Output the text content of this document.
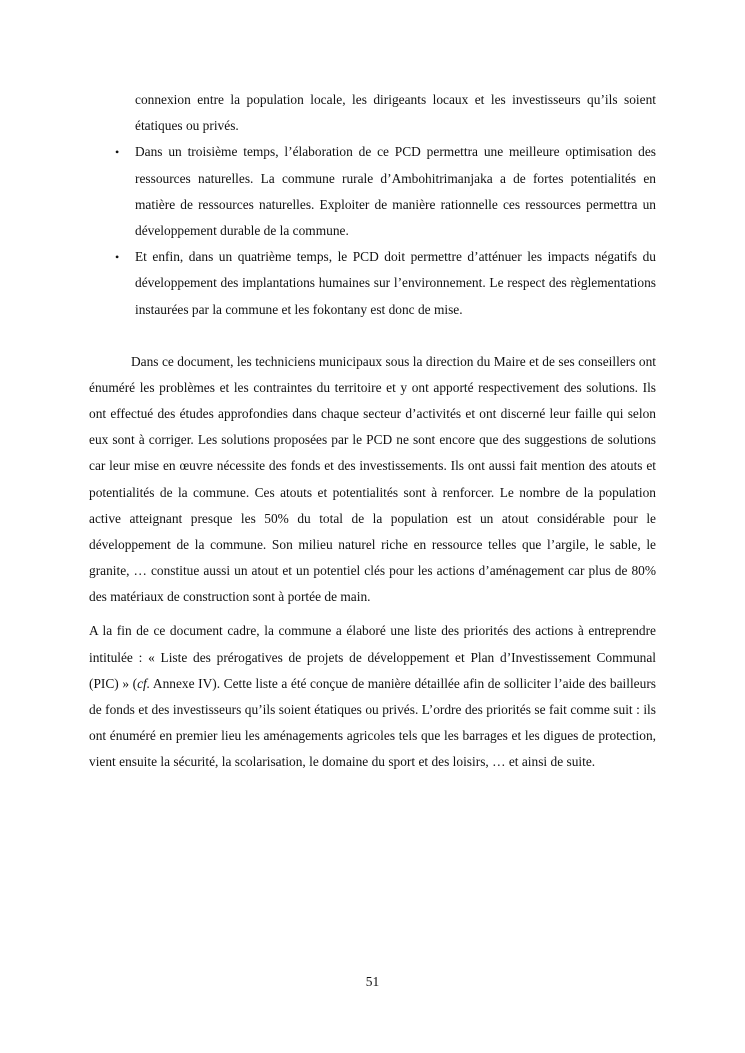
connexion entre la population locale, les dirigeants locaux et les investisseurs qu’ils soient étatiques ou privés.

• Dans un troisième temps, l’élaboration de ce PCD permettra une meilleure optimisation des ressources naturelles. La commune rurale d’Ambohitrimanjaka a de fortes potentialités en matière de ressources naturelles. Exploiter de manière rationnelle ces ressources permettra un développement durable de la commune.
• Et enfin, dans un quatrième temps, le PCD doit permettre d’atténuer les impacts négatifs du développement des implantations humaines sur l’environnement. Le respect des règlementations instaurées par la commune et les fokontany est donc de mise.

Dans ce document, les techniciens municipaux sous la direction du Maire et de ses conseillers ont énuméré les problèmes et les contraintes du territoire et y ont apporté respectivement des solutions. Ils ont effectué des études approfondies dans chaque secteur d’activités et ont discerné leur faille qui selon eux sont à corriger. Les solutions proposées par le PCD ne sont encore que des suggestions de solutions car leur mise en œuvre nécessite des fonds et des investissements. Ils ont aussi fait mention des atouts et potentialités de la commune. Ces atouts et potentialités sont à renforcer. Le nombre de la population active atteignant presque les 50% du total de la population est un atout considérable pour le développement de la commune. Son milieu naturel riche en ressource telles que l’argile, le sable, le granite, … constitue aussi un atout et un potentiel clés pour les actions d’aménagement car plus de 80% des matériaux de construction sont à portée de main.

A la fin de ce document cadre, la commune a élaboré une liste des priorités des actions à entreprendre intitulée : « Liste des prérogatives de projets de développement et Plan d’Investissement Communal (PIC) » (cf. Annexe IV). Cette liste a été conçue de manière détaillée afin de solliciter l’aide des bailleurs de fonds et des investisseurs qu’ils soient étatiques ou privés. L’ordre des priorités se fait comme suit : ils ont énuméré en premier lieu les aménagements agricoles tels que les barrages et les digues de protection, vient ensuite la sécurité, la scolarisation, le domaine du sport et des loisirs, … et ainsi de suite.

51
